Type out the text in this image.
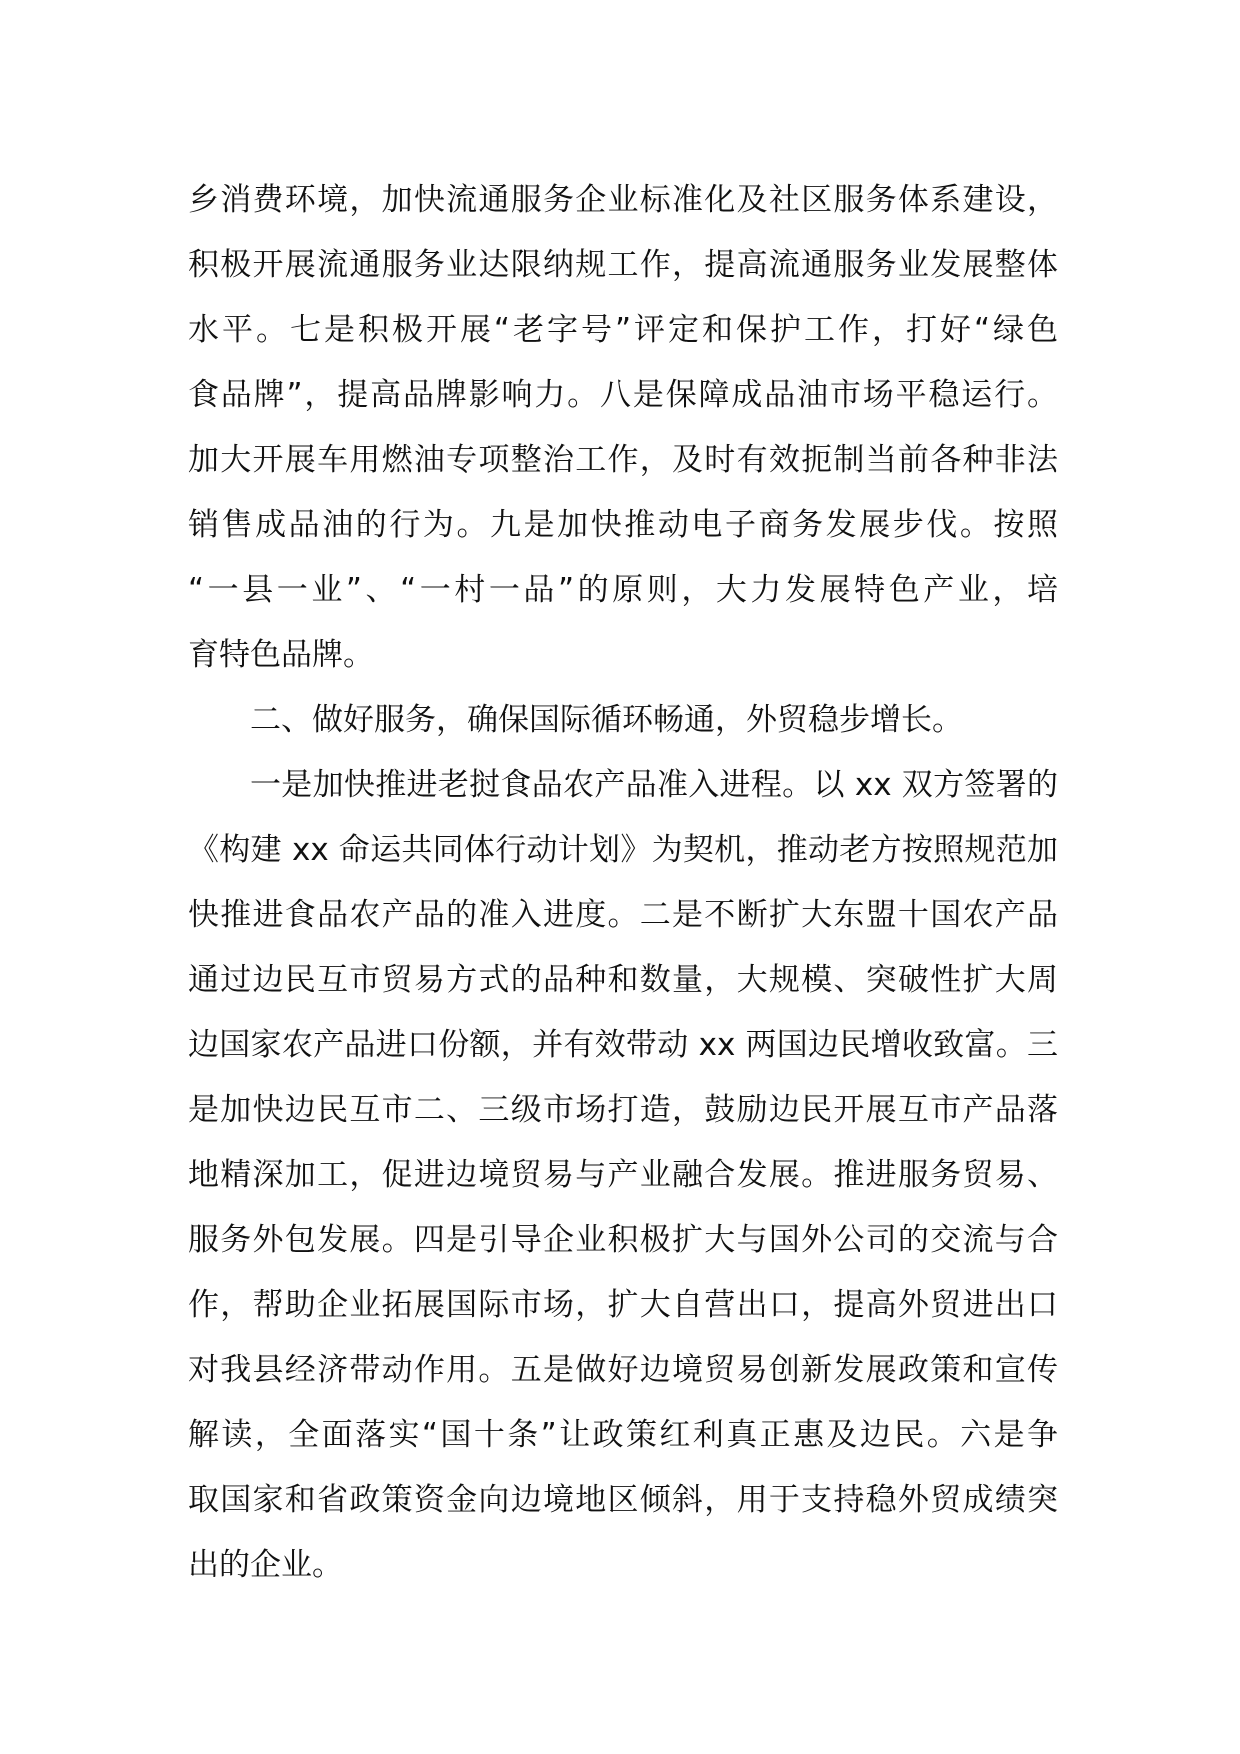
乡消费环境，加快流通服务企业标准化及社区服务体系建设，
积极开展流通服务业达限纳规工作，提高流通服务业发展整体
水平。七是积极开展“老字号”评定和保护工作，打好“绿色
食品牌”，提高品牌影响力。八是保障成品油市场平稳运行。
加大开展车用燃油专项整治工作，及时有效扼制当前各种非法
销售成品油的行为。九是加快推动电子商务发展步伐。按照
“一县一业”、“一村一品”的原则，大力发展特色产业，培
育特色品牌。
二、做好服务，确保国际循环畅通，外贸稳步增长。
一是加快推进老挝食品农产品准入进程。以 xx 双方签署的
《构建 xx 命运共同体行动计划》为契机，推动老方按照规范加
快推进食品农产品的准入进度。二是不断扩大东盟十国农产品
通过边民互市贸易方式的品种和数量，大规模、突破性扩大周
边国家农产品进口份额，并有效带动 xx 两国边民增收致富。三
是加快边民互市二、三级市场打造，鼓励边民开展互市产品落
地精深加工，促进边境贸易与产业融合发展。推进服务贸易、
服务外包发展。四是引导企业积极扩大与国外公司的交流与合
作，帮助企业拓展国际市场，扩大自营出口，提高外贸进出口
对我县经济带动作用。五是做好边境贸易创新发展政策和宣传
解读，全面落实“国十条”让政策红利真正惠及边民。六是争
取国家和省政策资金向边境地区倾斜，用于支持稳外贸成绩突
出的企业。
